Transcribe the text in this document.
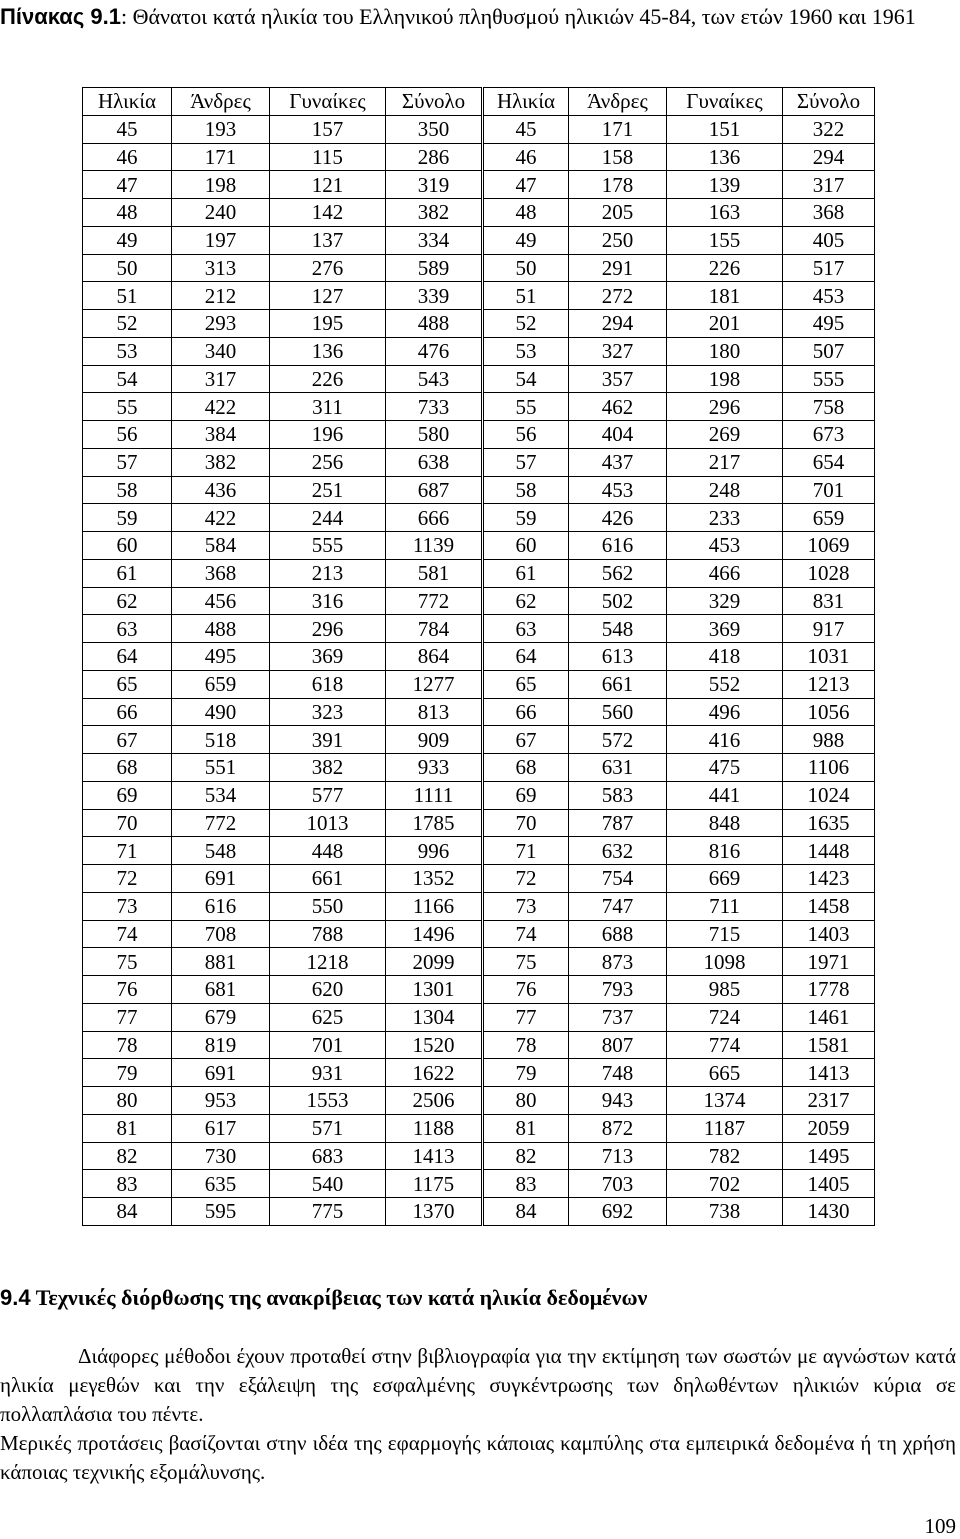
Πίνακας 9.1: Θάνατοι κατά ηλικία του Ελληνικού πληθυσμού ηλικιών 45-84, των ετών 1960 και 1961
Ηλικία	Άνδρες	Γυναίκες	Σύνολο	Ηλικία	Άνδρες	Γυναίκες	Σύνολο
45	193	157	350	45	171	151	322
46	171	115	286	46	158	136	294
47	198	121	319	47	178	139	317
48	240	142	382	48	205	163	368
49	197	137	334	49	250	155	405
50	313	276	589	50	291	226	517
51	212	127	339	51	272	181	453
52	293	195	488	52	294	201	495
53	340	136	476	53	327	180	507
54	317	226	543	54	357	198	555
55	422	311	733	55	462	296	758
56	384	196	580	56	404	269	673
57	382	256	638	57	437	217	654
58	436	251	687	58	453	248	701
59	422	244	666	59	426	233	659
60	584	555	1139	60	616	453	1069
61	368	213	581	61	562	466	1028
62	456	316	772	62	502	329	831
63	488	296	784	63	548	369	917
64	495	369	864	64	613	418	1031
65	659	618	1277	65	661	552	1213
66	490	323	813	66	560	496	1056
67	518	391	909	67	572	416	988
68	551	382	933	68	631	475	1106
69	534	577	1111	69	583	441	1024
70	772	1013	1785	70	787	848	1635
71	548	448	996	71	632	816	1448
72	691	661	1352	72	754	669	1423
73	616	550	1166	73	747	711	1458
74	708	788	1496	74	688	715	1403
75	881	1218	2099	75	873	1098	1971
76	681	620	1301	76	793	985	1778
77	679	625	1304	77	737	724	1461
78	819	701	1520	78	807	774	1581
79	691	931	1622	79	748	665	1413
80	953	1553	2506	80	943	1374	2317
81	617	571	1188	81	872	1187	2059
82	730	683	1413	82	713	782	1495
83	635	540	1175	83	703	702	1405
84	595	775	1370	84	692	738	1430
9.4 Τεχνικές διόρθωσης της ανακρίβειας των κατά ηλικία δεδομένων
Διάφορες μέθοδοι έχουν προταθεί στην βιβλιογραφία για την εκτίμηση των σωστών με αγνώστων κατά ηλικία μεγεθών και την εξάλειψη της εσφαλμένης συγκέντρωσης των δηλωθέντων ηλικιών κύρια σε πολλαπλάσια του πέντε.
Μερικές προτάσεις βασίζονται στην ιδέα της εφαρμογής κάποιας καμπύλης στα εμπειρικά δεδομένα ή τη χρήση κάποιας τεχνικής εξομάλυνσης.
109
